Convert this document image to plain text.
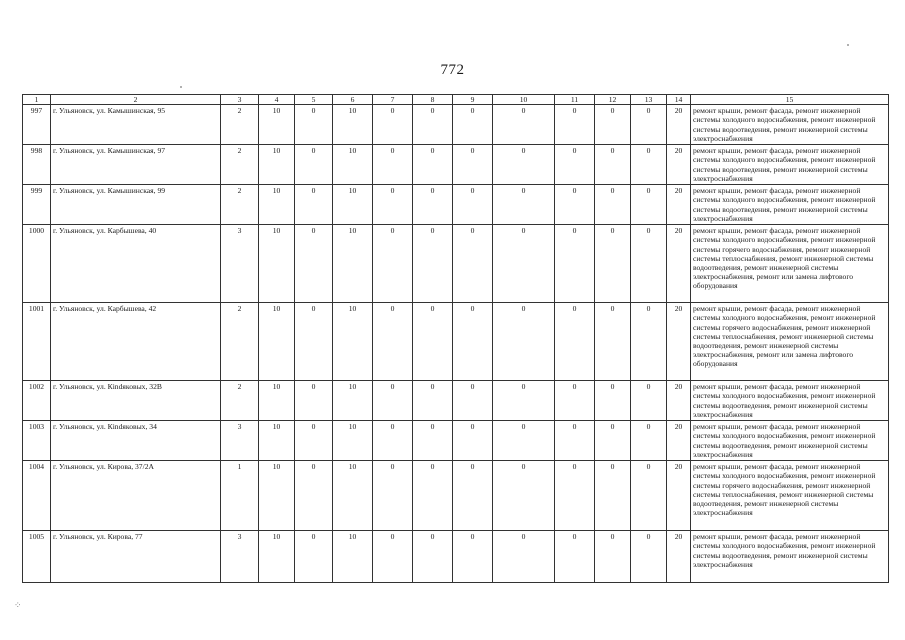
772
1	2	3	4	5	6	7	8	9	10	11	12	13	14	15
997	г. Ульяновск, ул. Камышинская, 95	2	10	0	10	0	0	0	0	0	0	0	20	ремонт крыши, ремонт фасада, ремонт инженерной системы холодного водоснабжения, ремонт инженерной системы водоотведения, ремонт инженерной системы электроснабжения
998	г. Ульяновск, ул. Камышинская, 97	2	10	0	10	0	0	0	0	0	0	0	20	ремонт крыши, ремонт фасада, ремонт инженерной системы холодного водоснабжения, ремонт инженерной системы водоотведения, ремонт инженерной системы электроснабжения
999	г. Ульяновск, ул. Камышинская, 99	2	10	0	10	0	0	0	0	0	0	0	20	ремонт крыши, ремонт фасада, ремонт инженерной системы холодного водоснабжения, ремонт инженерной системы водоотведения, ремонт инженерной системы электроснабжения
1000	г. Ульяновск, ул. Карбышева, 40	3	10	0	10	0	0	0	0	0	0	0	20	ремонт крыши, ремонт фасада, ремонт инженерной системы холодного водоснабжения, ремонт инженерной системы горячего водоснабжения, ремонт инженерной системы теплоснабжения, ремонт инженерной системы водоотведения, ремонт инженерной системы электроснабжения, ремонт или замена лифтового оборудования
1001	г. Ульяновск, ул. Карбышева, 42	2	10	0	10	0	0	0	0	0	0	0	20	ремонт крыши, ремонт фасада, ремонт инженерной системы холодного водоснабжения, ремонт инженерной системы горячего водоснабжения, ремонт инженерной системы теплоснабжения, ремонт инженерной системы водоотведения, ремонт инженерной системы электроснабжения, ремонт или замена лифтового оборудования
1002	г. Ульяновск, ул. Кindяковых, 32В	2	10	0	10	0	0	0	0	0	0	0	20	ремонт крыши, ремонт фасада, ремонт инженерной системы холодного водоснабжения, ремонт инженерной системы водоотведения, ремонт инженерной системы электроснабжения
1003	г. Ульяновск, ул. Кindяковых, 34	3	10	0	10	0	0	0	0	0	0	0	20	ремонт крыши, ремонт фасада, ремонт инженерной системы холодного водоснабжения, ремонт инженерной системы водоотведения, ремонт инженерной системы электроснабжения
1004	г. Ульяновск, ул. Кирова, 37/2А	1	10	0	10	0	0	0	0	0	0	0	20	ремонт крыши, ремонт фасада, ремонт инженерной системы холодного водоснабжения, ремонт инженерной системы горячего водоснабжения, ремонт инженерной системы теплоснабжения, ремонт инженерной системы водоотведения, ремонт инженерной системы электроснабжения
1005	г. Ульяновск, ул. Кирова, 77	3	10	0	10	0	0	0	0	0	0	0	20	ремонт крыши, ремонт фасада, ремонт инженерной системы холодного водоснабжения, ремонт инженерной системы водоотведения, ремонт инженерной системы электроснабжения
⁘
